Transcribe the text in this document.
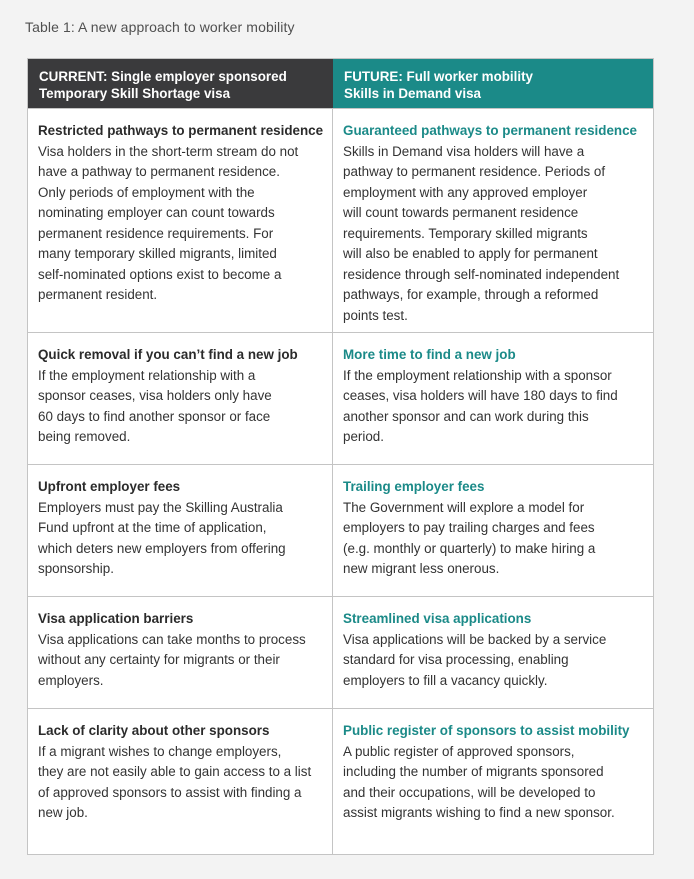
Table 1: A new approach to worker mobility
CURRENT: Single employer sponsored
Temporary Skill Shortage visa
FUTURE: Full worker mobility
Skills in Demand visa
Restricted pathways to permanent residence
Visa holders in the short-term stream do not
have a pathway to permanent residence.
Only periods of employment with the
nominating employer can count towards
permanent residence requirements. For
many temporary skilled migrants, limited
self-nominated options exist to become a
permanent resident.
Guaranteed pathways to permanent residence
Skills in Demand visa holders will have a
pathway to permanent residence. Periods of
employment with any approved employer
will count towards permanent residence
requirements. Temporary skilled migrants
will also be enabled to apply for permanent
residence through self-nominated independent
pathways, for example, through a reformed
points test.
Quick removal if you can’t find a new job
If the employment relationship with a
sponsor ceases, visa holders only have
60 days to find another sponsor or face
being removed.
More time to find a new job
If the employment relationship with a sponsor
ceases, visa holders will have 180 days to find
another sponsor and can work during this
period.
Upfront employer fees
Employers must pay the Skilling Australia
Fund upfront at the time of application,
which deters new employers from offering
sponsorship.
Trailing employer fees
The Government will explore a model for
employers to pay trailing charges and fees
(e.g. monthly or quarterly) to make hiring a
new migrant less onerous.
Visa application barriers
Visa applications can take months to process
without any certainty for migrants or their
employers.
Streamlined visa applications
Visa applications will be backed by a service
standard for visa processing, enabling
employers to fill a vacancy quickly.
Lack of clarity about other sponsors
If a migrant wishes to change employers,
they are not easily able to gain access to a list
of approved sponsors to assist with finding a
new job.
Public register of sponsors to assist mobility
A public register of approved sponsors,
including the number of migrants sponsored
and their occupations, will be developed to
assist migrants wishing to find a new sponsor.
